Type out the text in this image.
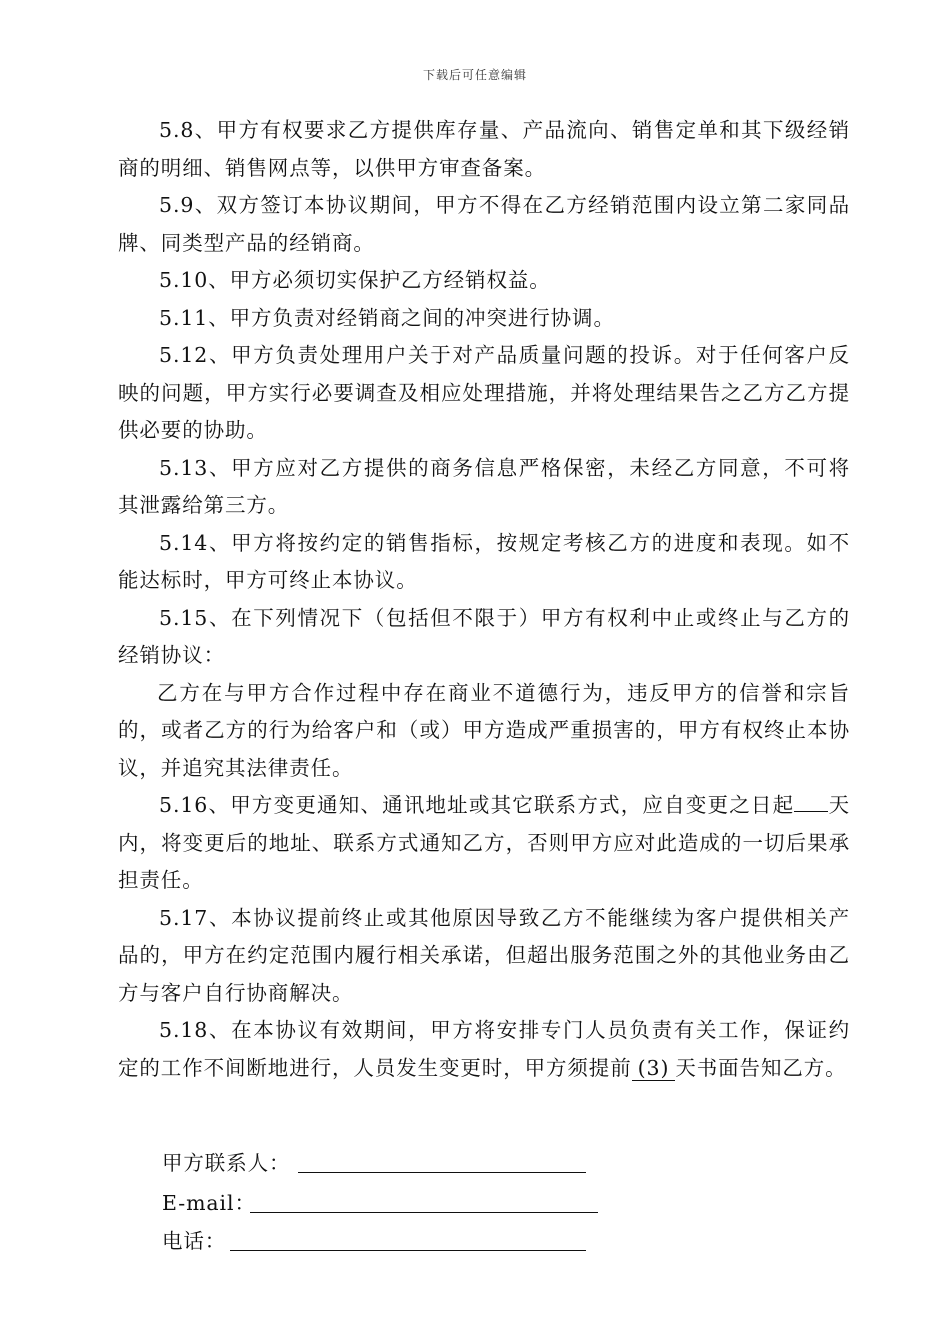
下载后可任意编辑

5.8、甲方有权要求乙方提供库存量、产品流向、销售定单和其下级经销商的明细、销售网点等，以供甲方审查备案。

5.9、双方签订本协议期间，甲方不得在乙方经销范围内设立第二家同品牌、同类型产品的经销商。

5.10、甲方必须切实保护乙方经销权益。

5.11、甲方负责对经销商之间的冲突进行协调。

5.12、甲方负责处理用户关于对产品质量问题的投诉。对于任何客户反映的问题，甲方实行必要调查及相应处理措施，并将处理结果告之乙方乙方提供必要的协助。

5.13、甲方应对乙方提供的商务信息严格保密，未经乙方同意，不可将其泄露给第三方。

5.14、甲方将按约定的销售指标，按规定考核乙方的进度和表现。如不能达标时，甲方可终止本协议。

5.15、在下列情况下（包括但不限于）甲方有权利中止或终止与乙方的经销协议：

乙方在与甲方合作过程中存在商业不道德行为，违反甲方的信誉和宗旨的，或者乙方的行为给客户和（或）甲方造成严重损害的，甲方有权终止本协议，并追究其法律责任。

5.16、甲方变更通知、通讯地址或其它联系方式，应自变更之日起 天内，将变更后的地址、联系方式通知乙方，否则甲方应对此造成的一切后果承担责任。

5.17、本协议提前终止或其他原因导致乙方不能继续为客户提供相关产品的，甲方在约定范围内履行相关承诺，但超出服务范围之外的其他业务由乙方与客户自行协商解决。

5.18、在本协议有效期间，甲方将安排专门人员负责有关工作，保证约定的工作不间断地进行，人员发生变更时，甲方须提前 (3) 天书面告知乙方。

甲方联系人：
E-mail：
电话：
